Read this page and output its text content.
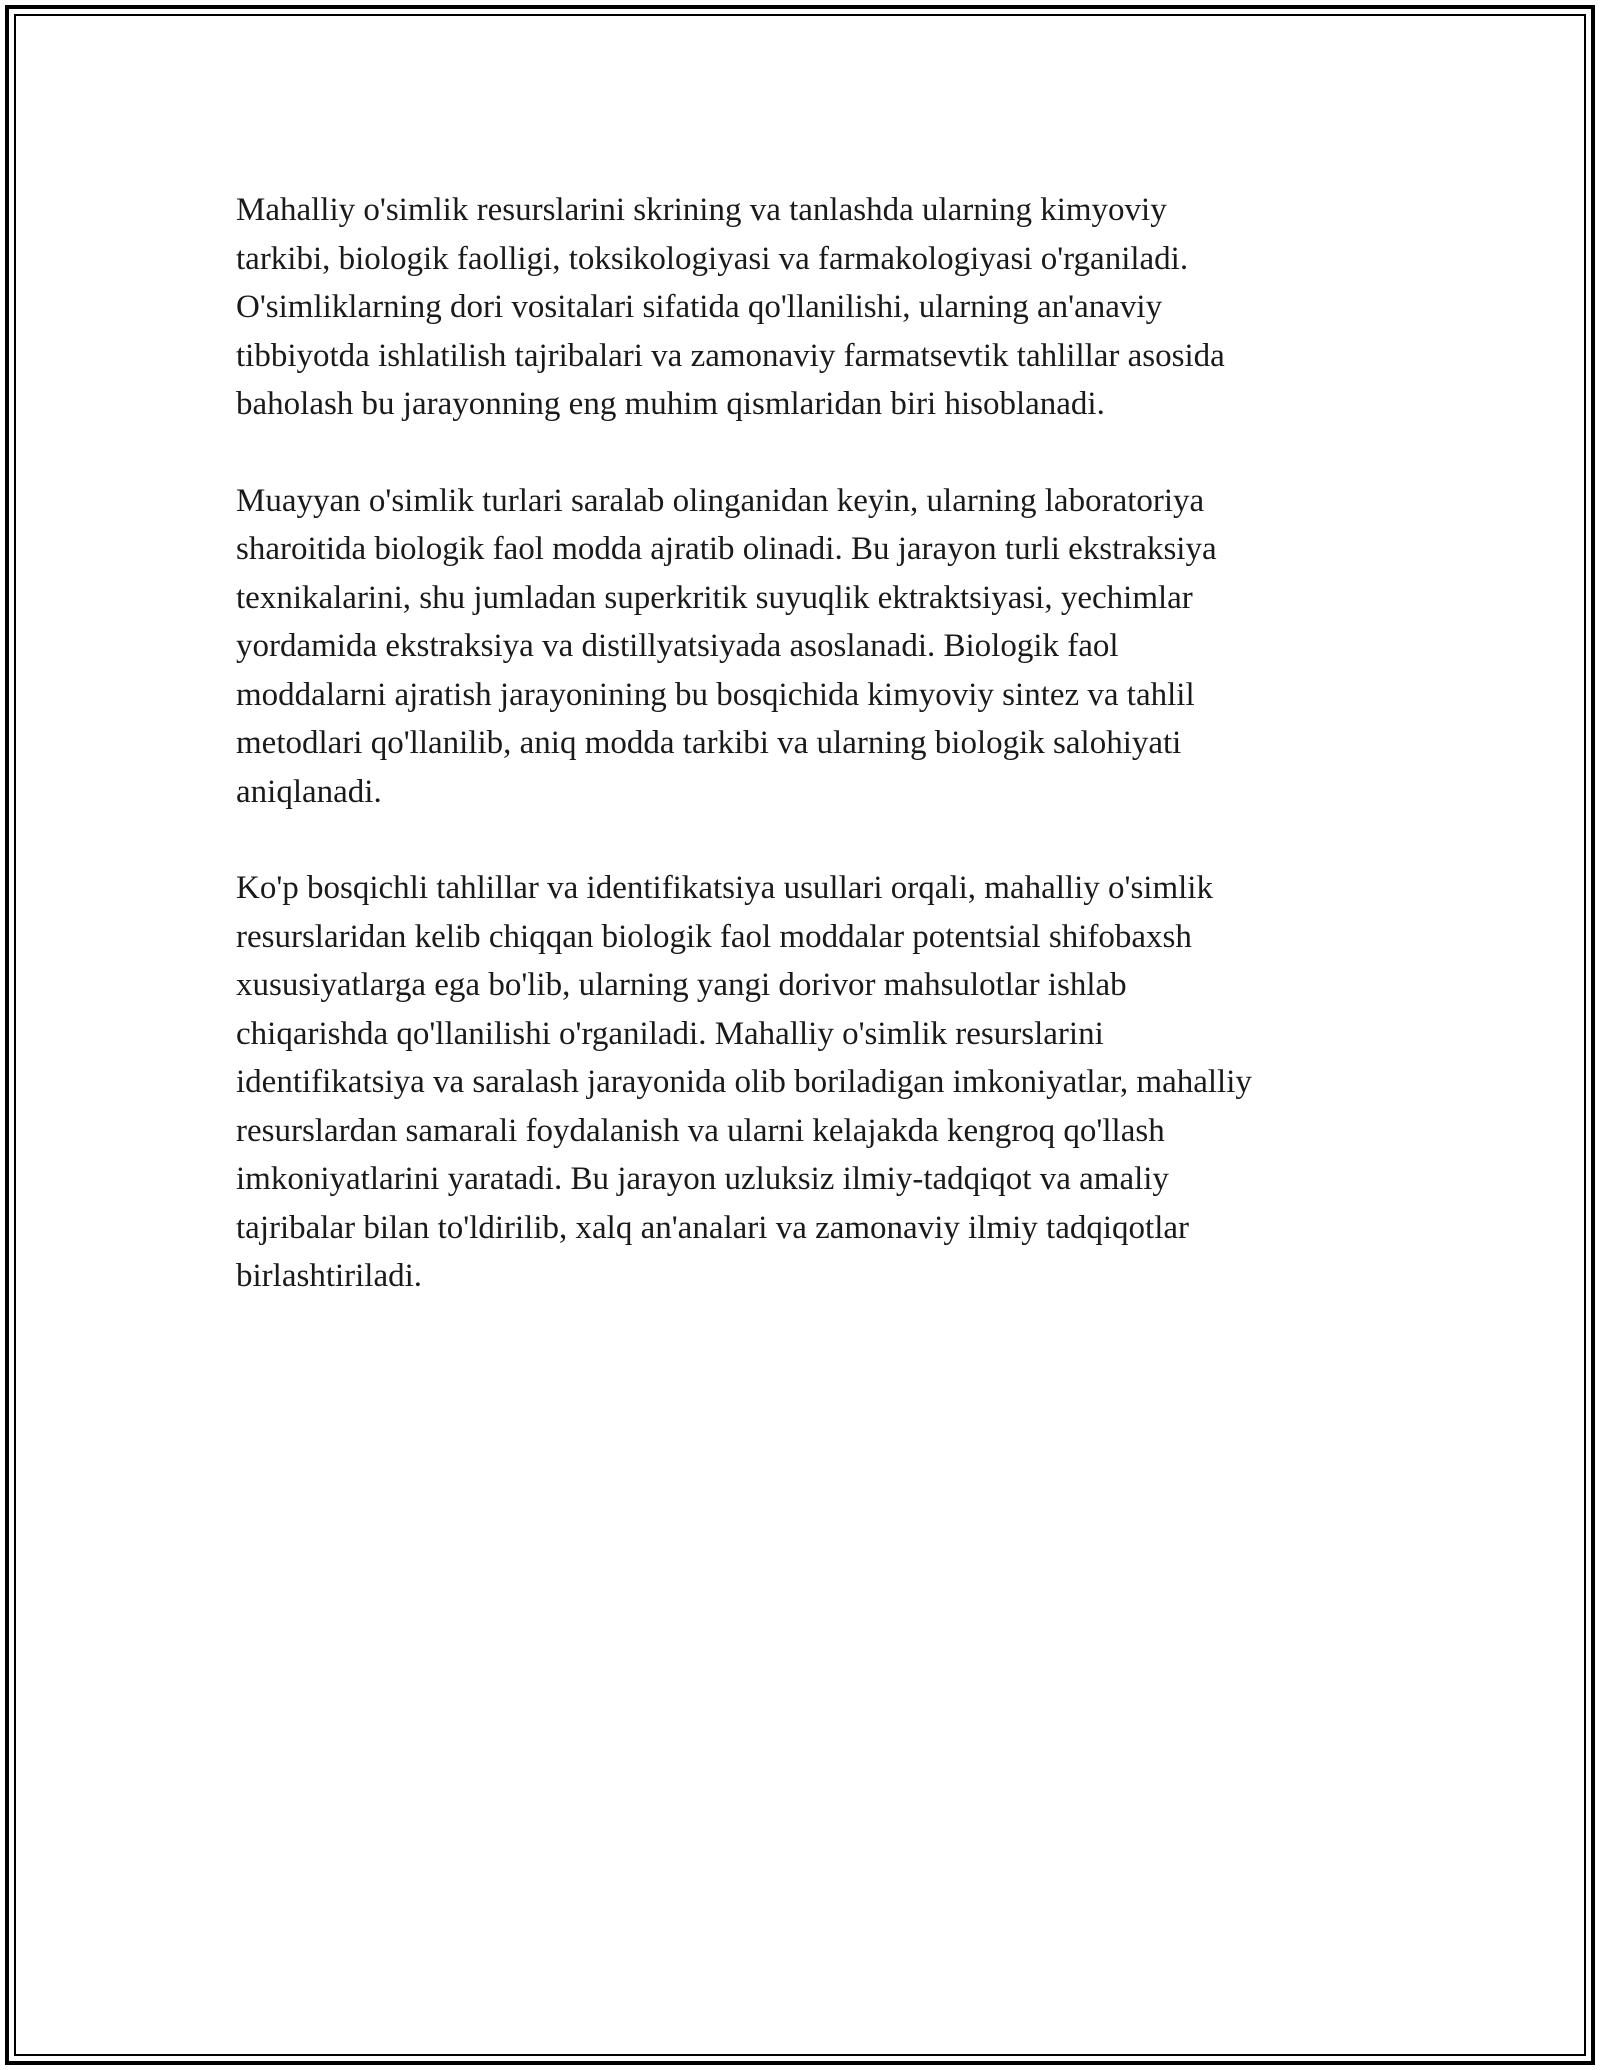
Mahalliy o'simlik resurslarini skrining va tanlashda ularning kimyoviy
tarkibi, biologik faolligi, toksikologiyasi va farmakologiyasi o'rganiladi.
O'simliklarning dori vositalari sifatida qo'llanilishi, ularning an'anaviy
tibbiyotda ishlatilish tajribalari va zamonaviy farmatsevtik tahlillar asosida
baholash bu jarayonning eng muhim qismlaridan biri hisoblanadi.

Muayyan o'simlik turlari saralab olinganidan keyin, ularning laboratoriya
sharoitida biologik faol modda ajratib olinadi. Bu jarayon turli ekstraksiya
texnikalarini, shu jumladan superkritik suyuqlik ektraktsiyasi, yechimlar
yordamida ekstraksiya va distillyatsiyada asoslanadi. Biologik faol
moddalarni ajratish jarayonining bu bosqichida kimyoviy sintez va tahlil
metodlari qo'llanilib, aniq modda tarkibi va ularning biologik salohiyati
aniqlanadi.

Ko'p bosqichli tahlillar va identifikatsiya usullari orqali, mahalliy o'simlik
resurslaridan kelib chiqqan biologik faol moddalar potentsial shifobaxsh
xususiyatlarga ega bo'lib, ularning yangi dorivor mahsulotlar ishlab
chiqarishda qo'llanilishi o'rganiladi. Mahalliy o'simlik resurslarini
identifikatsiya va saralash jarayonida olib boriladigan imkoniyatlar, mahalliy
resurslardan samarali foydalanish va ularni kelajakda kengroq qo'llash
imkoniyatlarini yaratadi. Bu jarayon uzluksiz ilmiy-tadqiqot va amaliy
tajribalar bilan to'ldirilib, xalq an'analari va zamonaviy ilmiy tadqiqotlar
birlashtiriladi.
